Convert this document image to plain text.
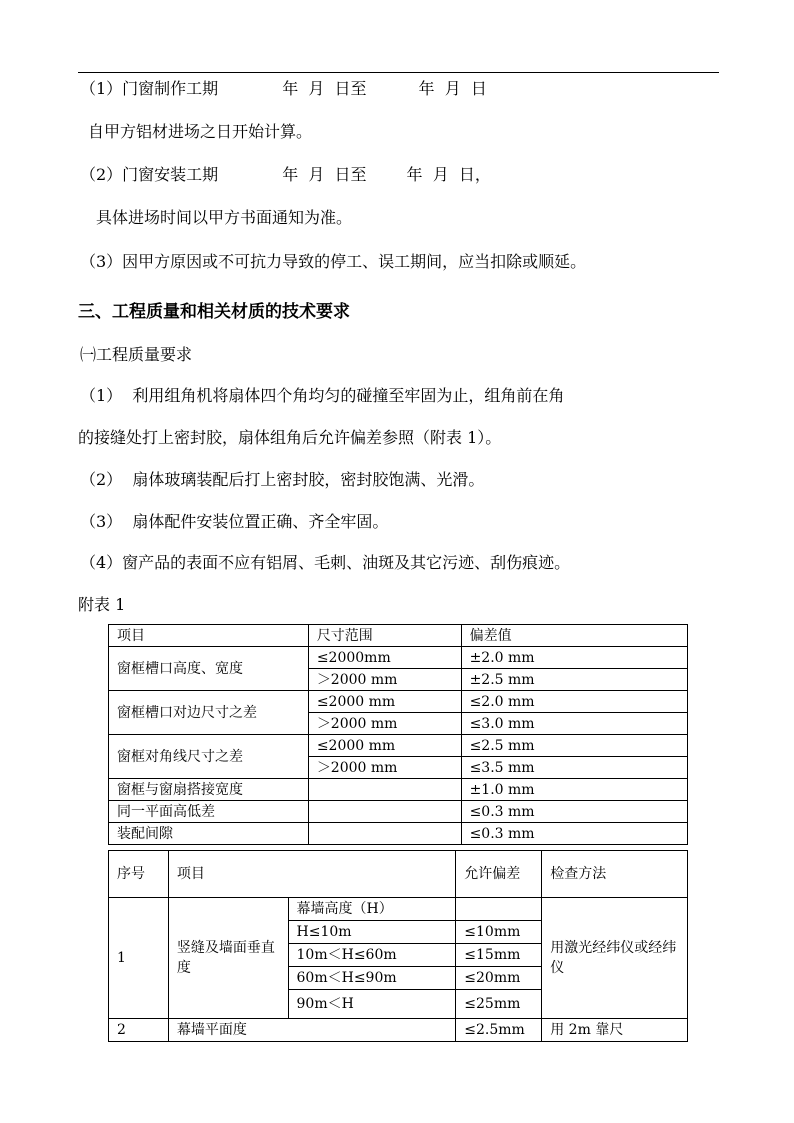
（1）门窗制作工期	年  月  日至	年  月  日
自甲方铝材进场之日开始计算。
（2）门窗安装工期	年  月  日至	年  月  日，
具体进场时间以甲方书面通知为准。
（3）因甲方原因或不可抗力导致的停工、误工期间，应当扣除或顺延。
三、工程质量和相关材质的技术要求
㈠工程质量要求
（1）  利用组角机将扇体四个角均匀的碰撞至牢固为止，组角前在角
的接缝处打上密封胶，扇体组角后允许偏差参照（附表 1）。
（2）  扇体玻璃装配后打上密封胶，密封胶饱满、光滑。
（3）  扇体配件安装位置正确、齐全牢固。
（4）窗产品的表面不应有铝屑、毛刺、油斑及其它污迹、刮伤痕迹。
附表 1
项目	尺寸范围	偏差值
窗框槽口高度、宽度	≤2000mm	±2.0 mm
	＞2000 mm	±2.5 mm
窗框槽口对边尺寸之差	≤2000 mm	≤2.0 mm
	＞2000 mm	≤3.0 mm
窗框对角线尺寸之差	≤2000 mm	≤2.5 mm
	＞2000 mm	≤3.5 mm
窗框与窗扇搭接宽度		±1.0 mm
同一平面高低差		≤0.3 mm
装配间隙		≤0.3 mm
序号	项目		允许偏差	检查方法
1	竖缝及墙面垂直度	幕墙高度（H）		用激光经纬仪或经纬仪
		H≤10m	≤10mm	
		10m＜H≤60m	≤15mm	
		60m＜H≤90m	≤20mm	
		90m＜H	≤25mm	
2	幕墙平面度		≤2.5mm	用 2m 靠尺
